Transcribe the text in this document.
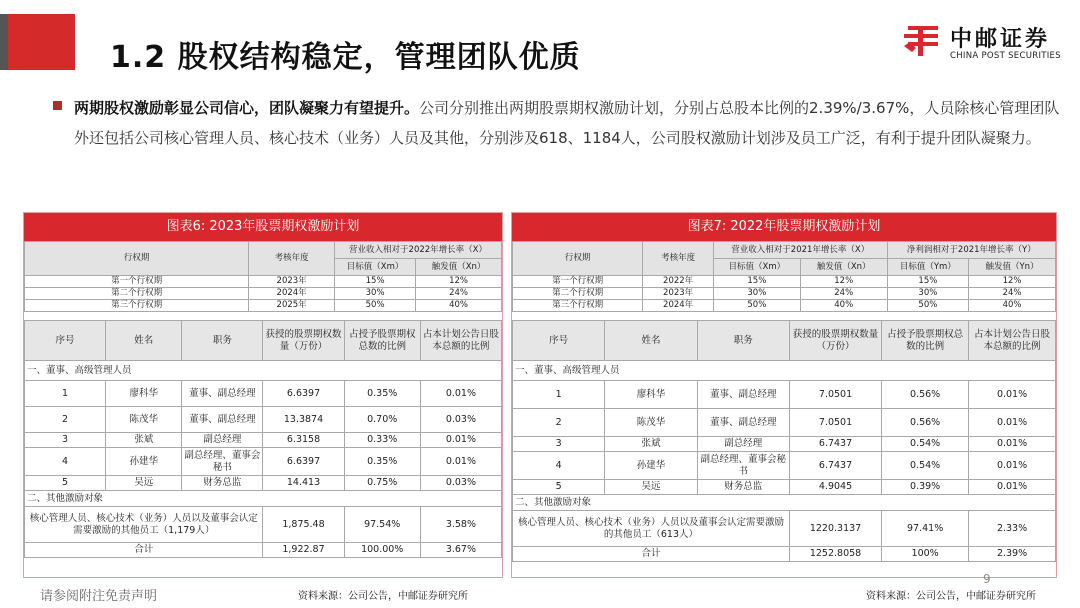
1.2 股权结构稳定，管理团队优质
中邮证券
CHINA POST SECURITIES
两期股权激励彰显公司信心，团队凝聚力有望提升。公司分别推出两期股票期权激励计划，分别占总股本比例的2.39%/3.67%，人员除核心管理团队外还包括公司核心管理人员、核心技术（业务）人员及其他，分别涉及618、1184人，公司股权激励计划涉及员工广泛，有利于提升团队凝聚力。
图表6: 2023年股票期权激励计划
行权期	考核年度	营业收入相对于2022年增长率（X）	
		目标值（Xm）	触发值（Xn）
第一个行权期	2023年	15%	12%
第二个行权期	2024年	30%	24%
第三个行权期	2025年	50%	40%
序号	姓名	职务	获授的股票期权数量（万份）	占授予股票期权总数的比例	占本计划公告日股本总额的比例
一、董事、高级管理人员					
1	廖科华	董事、副总经理	6.6397	0.35%	0.01%
2	陈茂华	董事、副总经理	13.3874	0.70%	0.03%
3	张斌	副总经理	6.3158	0.33%	0.01%
4	孙建华	副总经理、董事会秘书	6.6397	0.35%	0.01%
5	吴远	财务总监	14.413	0.75%	0.03%
二、其他激励对象					
核心管理人员、核心技术（业务）人员以及董事会认定需要激励的其他员工（1,179人）			1,875.48	97.54%	3.58%
合计			1,922.87	100.00%	3.67%
图表7: 2022年股票期权激励计划
行权期	考核年度	营业收入相对于2021年增长率（X）		净利润相对于2021年增长率（Y）	
		目标值（Xm）	触发值（Xn）	目标值（Ym）	触发值（Yn）
第一个行权期	2022年	15%	12%	15%	12%
第二个行权期	2023年	30%	24%	30%	24%
第三个行权期	2024年	50%	40%	50%	40%
序号	姓名	职务	获授的股票期权数量（万份）	占授予股票期权总数的比例	占本计划公告日股本总额的比例
一、董事、高级管理人员					
1	廖科华	董事、副总经理	7.0501	0.56%	0.01%
2	陈茂华	董事、副总经理	7.0501	0.56%	0.01%
3	张斌	副总经理	6.7437	0.54%	0.01%
4	孙建华	副总经理、董事会秘书	6.7437	0.54%	0.01%
5	吴远	财务总监	4.9045	0.39%	0.01%
二、其他激励对象					
核心管理人员、核心技术（业务）人员以及董事会认定需要激励的其他员工（613人）			1220.3137	97.41%	2.33%
合计			1252.8058	100%	2.39%
请参阅附注免责声明	资料来源：公司公告，中邮证券研究所	资料来源：公司公告，中邮证券研究所
9
